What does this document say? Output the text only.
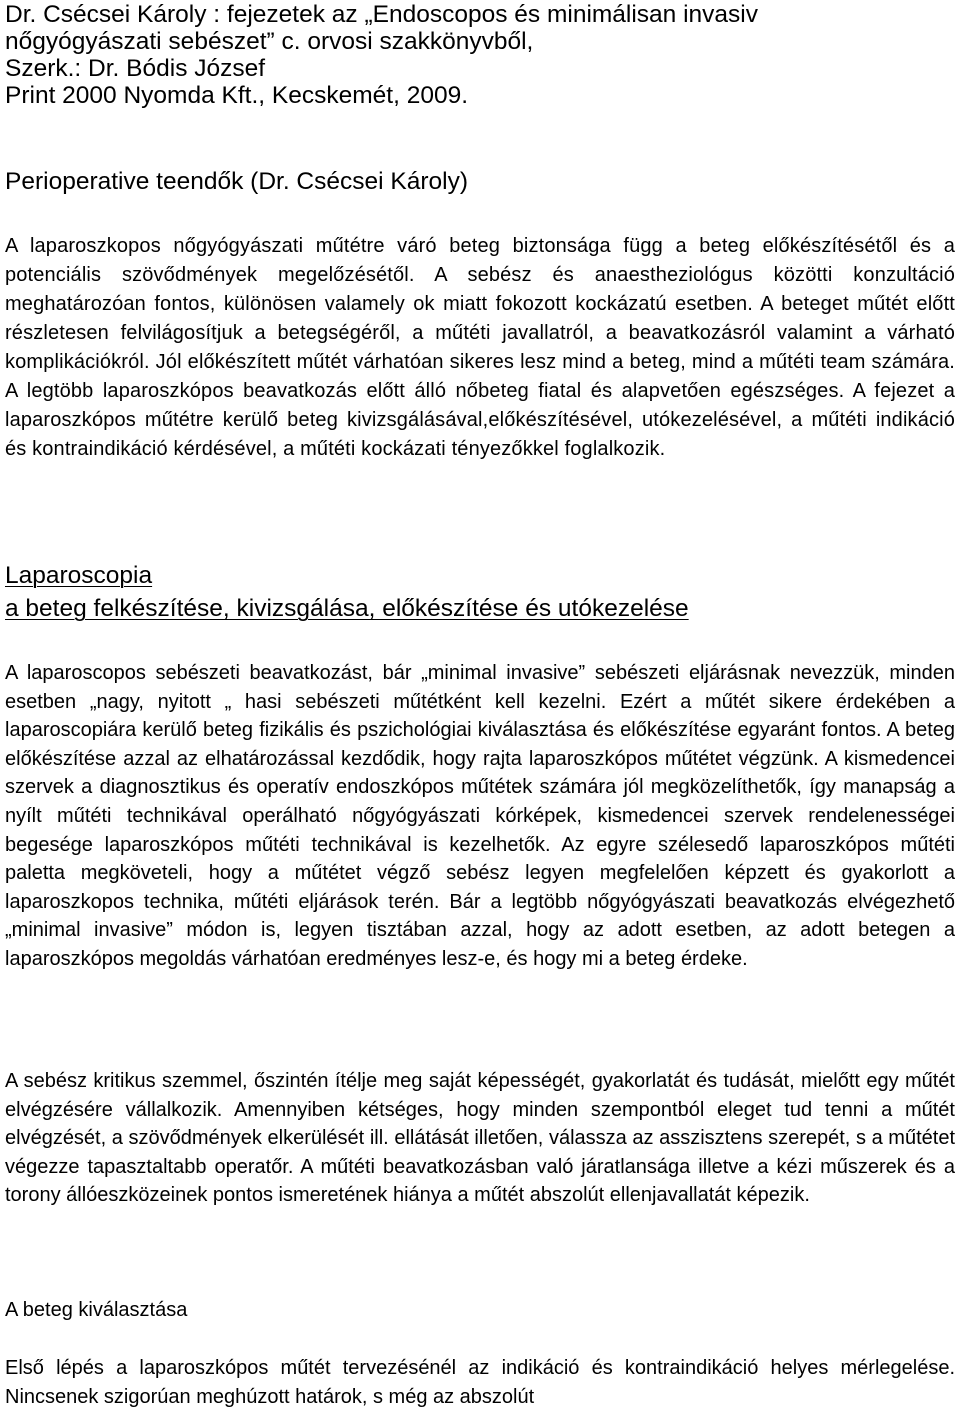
Dr. Csécsei Károly : fejezetek az „Endoscopos és minimálisan invasiv

nőgyógyászati sebészet” c. orvosi szakkönyvből,

Szerk.: Dr. Bódis József

Print 2000 Nyomda Kft., Kecskemét, 2009.

Perioperative teendők (Dr. Csécsei Károly)

A laparoszkopos nőgyógyászati műtétre váró beteg biztonsága függ a beteg előkészítésétől és a potenciális szövődmények megelőzésétől. A sebész és anaestheziológus közötti konzultáció meghatározóan fontos, különösen valamely ok miatt fokozott kockázatú esetben. A beteget műtét előtt részletesen felvilágosítjuk a betegségéről, a műtéti javallatról, a beavatkozásról valamint a várható komplikációkról. Jól előkészített műtét várhatóan sikeres lesz mind a beteg, mind a műtéti team számára. A legtöbb laparoszkópos beavatkozás előtt álló nőbeteg fiatal és alapvetően egészséges. A fejezet a laparoszkópos műtétre kerülő beteg kivizsgálásával,előkészítésével, utókezelésével, a műtéti indikáció és kontraindikáció kérdésével, a műtéti kockázati tényezőkkel foglalkozik.

Laparoscopia

a beteg felkészítése, kivizsgálása, előkészítése és utókezelése

A laparoscopos sebészeti beavatkozást, bár „minimal invasive” sebészeti eljárásnak nevezzük, minden esetben „nagy, nyitott „ hasi sebészeti műtétként kell kezelni. Ezért a műtét sikere érdekében a laparoscopiára kerülő beteg fizikális és pszichológiai kiválasztása és előkészítése egyaránt fontos. A beteg előkészítése azzal az elhatározással kezdődik, hogy rajta laparoszkópos műtétet végzünk. A kismedencei szervek a diagnosztikus és operatív endoszkópos műtétek számára jól megközelíthetők, így manapság a nyílt műtéti technikával operálható nőgyógyászati kórképek, kismedencei szervek rendelenességei begesége laparoszkópos műtéti technikával is kezelhetők. Az egyre szélesedő laparoszkópos műtéti paletta megköveteli, hogy a műtétet végző sebész legyen megfelelően képzett és gyakorlott a laparoszkopos technika, műtéti eljárások terén. Bár a legtöbb nőgyógyászati beavatkozás elvégezhető „minimal invasive” módon is, legyen tisztában azzal, hogy az adott esetben, az adott betegen a laparoszkópos megoldás várhatóan eredményes lesz-e, és hogy mi a beteg érdeke.

A sebész kritikus szemmel, őszintén ítélje meg saját képességét, gyakorlatát és tudását, mielőtt egy műtét elvégzésére vállalkozik. Amennyiben kétséges, hogy minden szempontból eleget tud tenni a műtét elvégzését, a szövődmények elkerülését ill. ellátását illetően, válassza az asszisztens szerepét, s a műtétet végezze tapasztaltabb operatőr. A műtéti beavatkozásban való járatlansága illetve a kézi műszerek és a torony állóeszközeinek pontos ismeretének hiánya a műtét abszolút ellenjavallatát képezik.

A beteg kiválasztása

Első lépés a laparoszkópos műtét tervezésénél az indikáció és kontraindikáció helyes mérlegelése. Nincsenek szigorúan meghúzott határok, s még az abszolút
